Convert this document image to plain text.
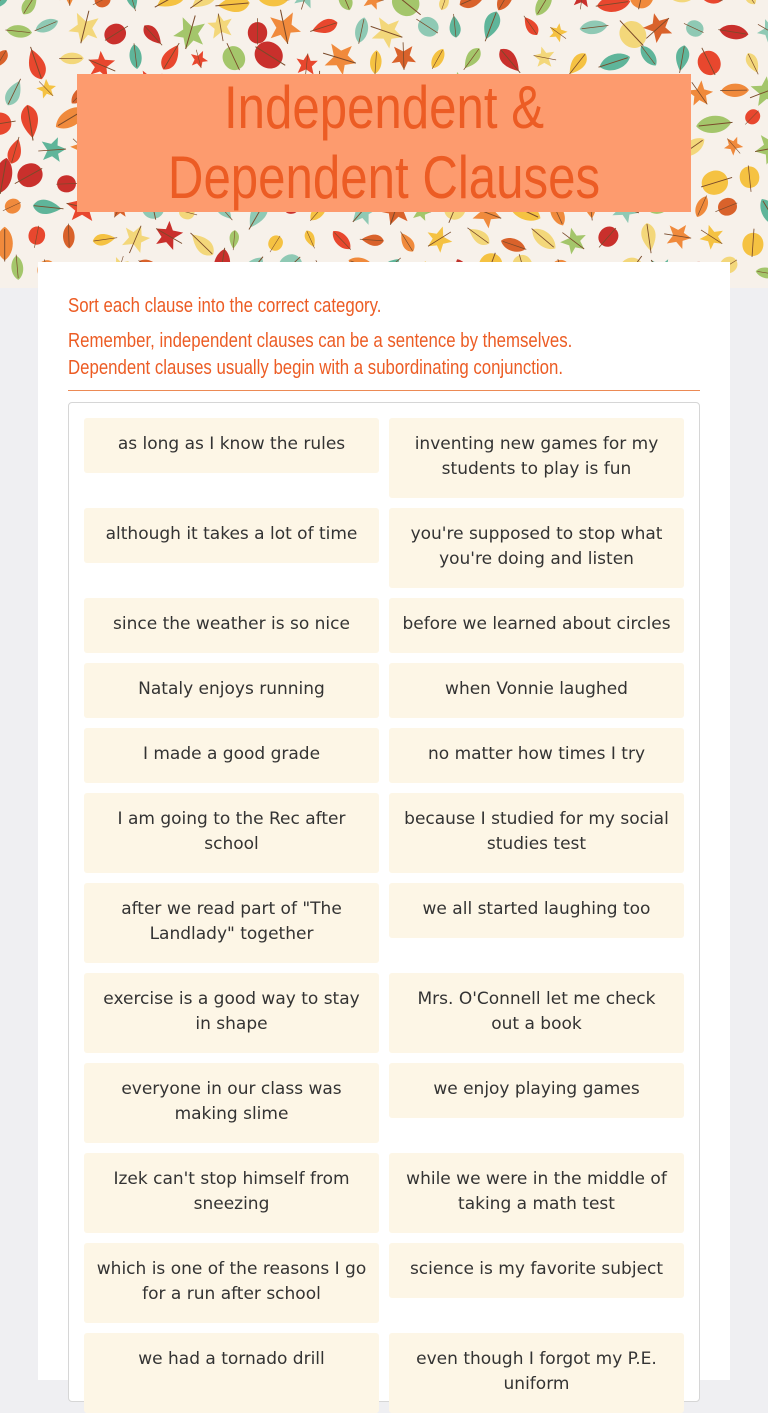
Independent & Dependent Clauses
Sort each clause into the correct category.
Remember, independent clauses can be a sentence by themselves.
Dependent clauses usually begin with a subordinating conjunction.
as long as I know the rules
although it takes a lot of time
since the weather is so nice
Nataly enjoys running
I made a good grade
I am going to the Rec after school
after we read part of "The Landlady" together
exercise is a good way to stay in shape
everyone in our class was making slime
Izek can't stop himself from sneezing
which is one of the reasons I go for a run after school
we had a tornado drill
inventing new games for my students to play is fun
you're supposed to stop what you're doing and listen
before we learned about circles
when Vonnie laughed
no matter how times I try
because I studied for my social studies test
we all started laughing too
Mrs. O'Connell let me check out a book
we enjoy playing games
while we were in the middle of taking a math test
science is my favorite subject
even though I forgot my P.E. uniform
